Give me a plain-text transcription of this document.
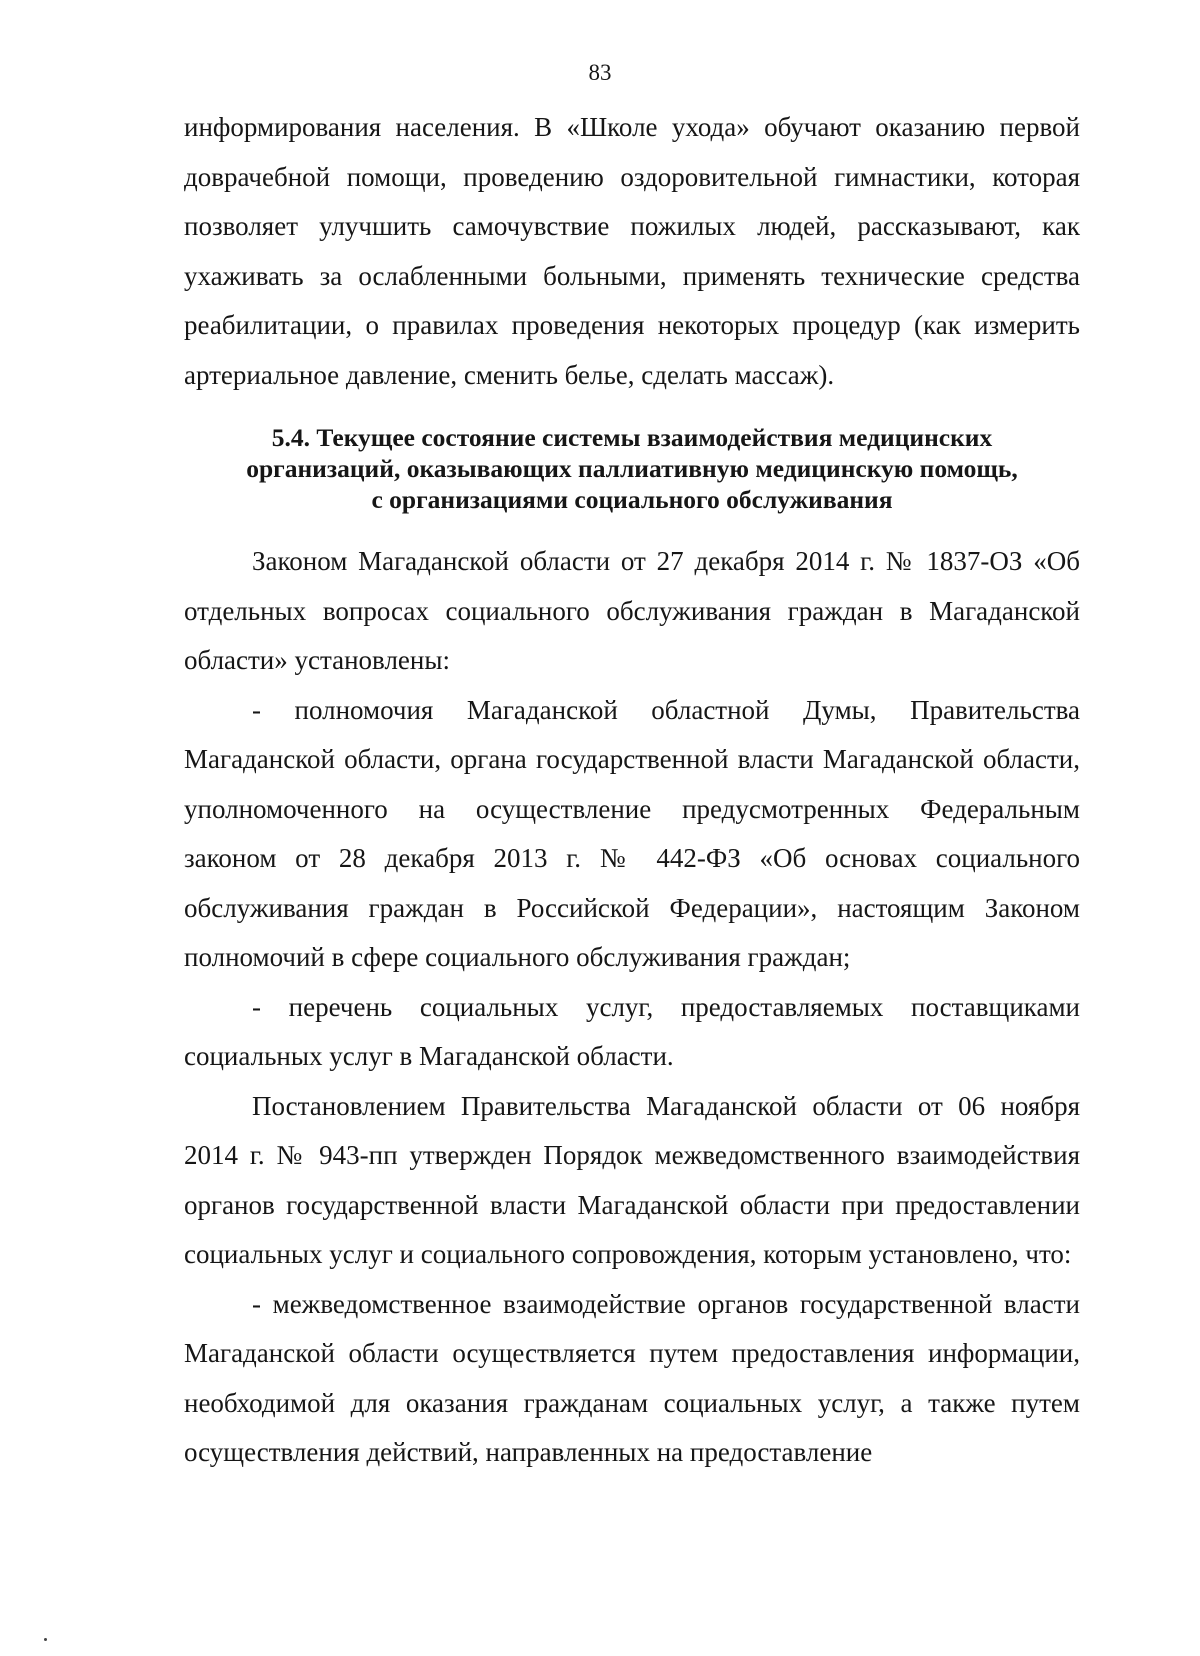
83

информирования населения. В «Школе ухода» обучают оказанию первой доврачебной помощи, проведению оздоровительной гимнастики, которая позволяет улучшить самочувствие пожилых людей, рассказывают, как ухаживать за ослабленными больными, применять технические средства реабилитации, о правилах проведения некоторых процедур (как измерить артериальное давление, сменить белье, сделать массаж).

5.4. Текущее состояние системы взаимодействия медицинских
организаций, оказывающих паллиативную медицинскую помощь,
с организациями социального обслуживания

Законом Магаданской области от 27 декабря 2014 г. № 1837-ОЗ «Об отдельных вопросах социального обслуживания граждан в Магаданской области» установлены:

- полномочия Магаданской областной Думы, Правительства Магаданской области, органа государственной власти Магаданской области, уполномоченного на осуществление предусмотренных Федеральным законом от 28 декабря 2013 г. № 442-ФЗ «Об основах социального обслуживания граждан в Российской Федерации», настоящим Законом полномочий в сфере социального обслуживания граждан;

- перечень социальных услуг, предоставляемых поставщиками социальных услуг в Магаданской области.

Постановлением Правительства Магаданской области от 06 ноября 2014 г. № 943-пп утвержден Порядок межведомственного взаимодействия органов государственной власти Магаданской области при предоставлении социальных услуг и социального сопровождения, которым установлено, что:

- межведомственное взаимодействие органов государственной власти Магаданской области осуществляется путем предоставления информации, необходимой для оказания гражданам социальных услуг, а также путем осуществления действий, направленных на предоставление
